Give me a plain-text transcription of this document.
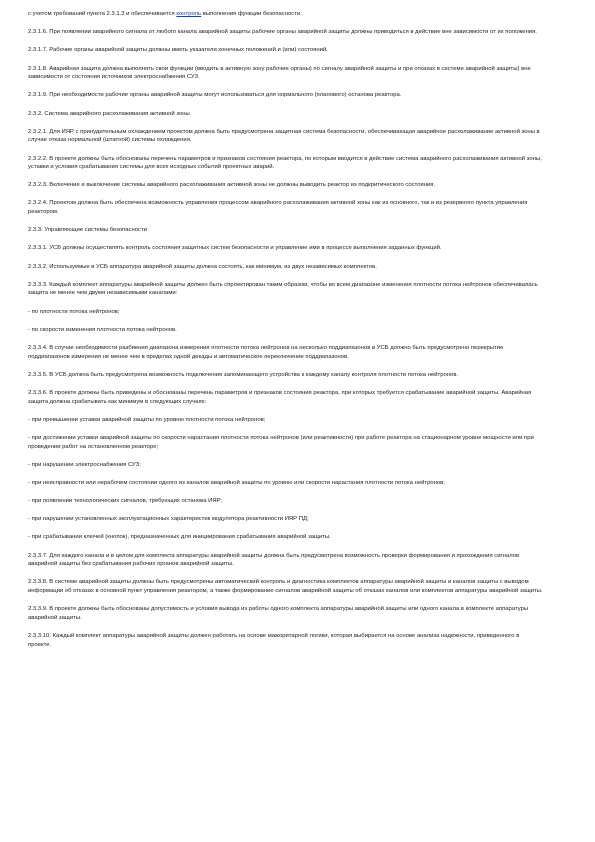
с учетом требований пункта 2.3.1.3 и обеспечивается контроль выполнения функции безопасности.

2.3.1.6. При появлении аварийного сигнала от любого канала аварийной защиты рабочие органы аварийной защиты должны приводиться в действие вне зависимости от их положения.

2.3.1.7. Рабочие органы аварийной защиты должны иметь указатели конечных положений и (или) состояний.

2.3.1.8. Аварийная защита должна выполнять свои функции (вводить в активную зону рабочие органы) по сигналу аварийной защиты и при отказах в системе аварийной защиты) вне зависимости от состояния источников электроснабжения СУЗ.

2.3.1.9. При необходимости рабочие органы аварийной защиты могут использоваться для нормального (планового) останова реактора.

2.3.2. Система аварийного расхолаживания активной зоны

2.3.2.1. Для ИЯР с принудительным охлаждением проектом должна быть предусмотрена защитная система безопасности, обеспечивающая аварийное расхолаживание активной зоны в случае отказа нормальной (штатной) системы охлаждения.

2.3.2.2. В проекте должны быть обоснованы перечень параметров и признаков состояния реактора, по которым вводится в действие система аварийного расхолаживания активной зоны, уставки и условия срабатывания системы для всех исходных событий проектных аварий.

2.3.2.3. Включение и выключение системы аварийного расхолаживания активной зоны не должны выводить реактор из подкритического состояния.

2.3.2.4. Проектом должна быть обеспечена возможность управления процессом аварийного расхолаживания активной зоны как из основного, так и из резервного пункта управления реактором.

2.3.3. Управляющие системы безопасности

2.3.3.1. УСБ должны осуществлять контроль состояния защитных систем безопасности и управление ими в процессе выполнения заданных функций.

2.3.3.2. Используемые в УСБ аппаратура аварийной защиты должна состоять, как минимум, из двух независимых комплектов.

2.3.3.3. Каждый комплект аппаратуры аварийной защиты должен быть спроектирован таким образом, чтобы во всем диапазоне изменения плотности потока нейтронов обеспечивалась защита не менее чем двумя независимыми каналами:

- по плотности потока нейтронов;

- по скорости изменения плотности потока нейтронов.

2.3.3.4. В случае необходимости разбиения диапазона измерения плотности потока нейтронов на несколько поддиапазонов в УСБ должно быть предусмотрено перекрытие поддиапазонов измерения не менее чем в пределах одной декады и автоматическое переключение поддиапазонов.

2.3.3.5. В УСБ должна быть предусмотрена возможность подключения запоминающего устройства к каждому каналу контроля плотности потока нейтронов.

2.3.3.6. В проекте должны быть приведены и обоснованы перечень параметров и признаков состояния реактора, при которых требуется срабатывание аварийной защиты. Аварийная защита должна срабатывать как минимум в следующих случаях:

- при превышении уставки аварийной защиты по уровню плотности потока нейтронов;

- при достижении уставки аварийной защиты по скорости нарастания плотности потока нейтронов (или реактивности) при работе реактора на стационарном уровне мощности или при проведении работ на остановленном реакторе;

- при нарушении электроснабжения СУЗ;

- при неисправности или нерабочем состоянии одного из каналов аварийной защиты по уровню или скорости нарастания плотности потока нейтронов;

- при появлении технологических сигналов, требующих останова ИЯР;

- при нарушении установленных эксплуатационных характеристик модулятора реактивности ИЯР ПД;

- при срабатывании ключей (кнопок), предназначенных для инициирования срабатывания аварийной защиты.

2.3.3.7. Для каждого канала и в целом для комплекта аппаратуры аварийной защиты должна быть предусмотрена возможность проверки формирования и прохождения сигналов аварийной защиты без срабатывания рабочих органов аварийной защиты.

2.3.3.8. В системе аварийной защиты должны быть предусмотрены автоматический контроль и диагностика комплектов аппаратуры аварийной защиты и каналов защиты с выводом информации об отказах в основной пункт управления реактором, а также формирование сигналов аварийной защиты об отказах каналов или комплектов аппаратуры аварийной защиты.

2.3.3.9. В проекте должны быть обоснованы допустимость и условия вывода из работы одного комплекта аппаратуры аварийной защиты или одного канала в комплекте аппаратуры аварийной защиты.

2.3.3.10. Каждый комплект аппаратуры аварийной защиты должен работать на основе мажоритарной логики, которая выбирается на основе анализа надежности, приведенного в проекте.
